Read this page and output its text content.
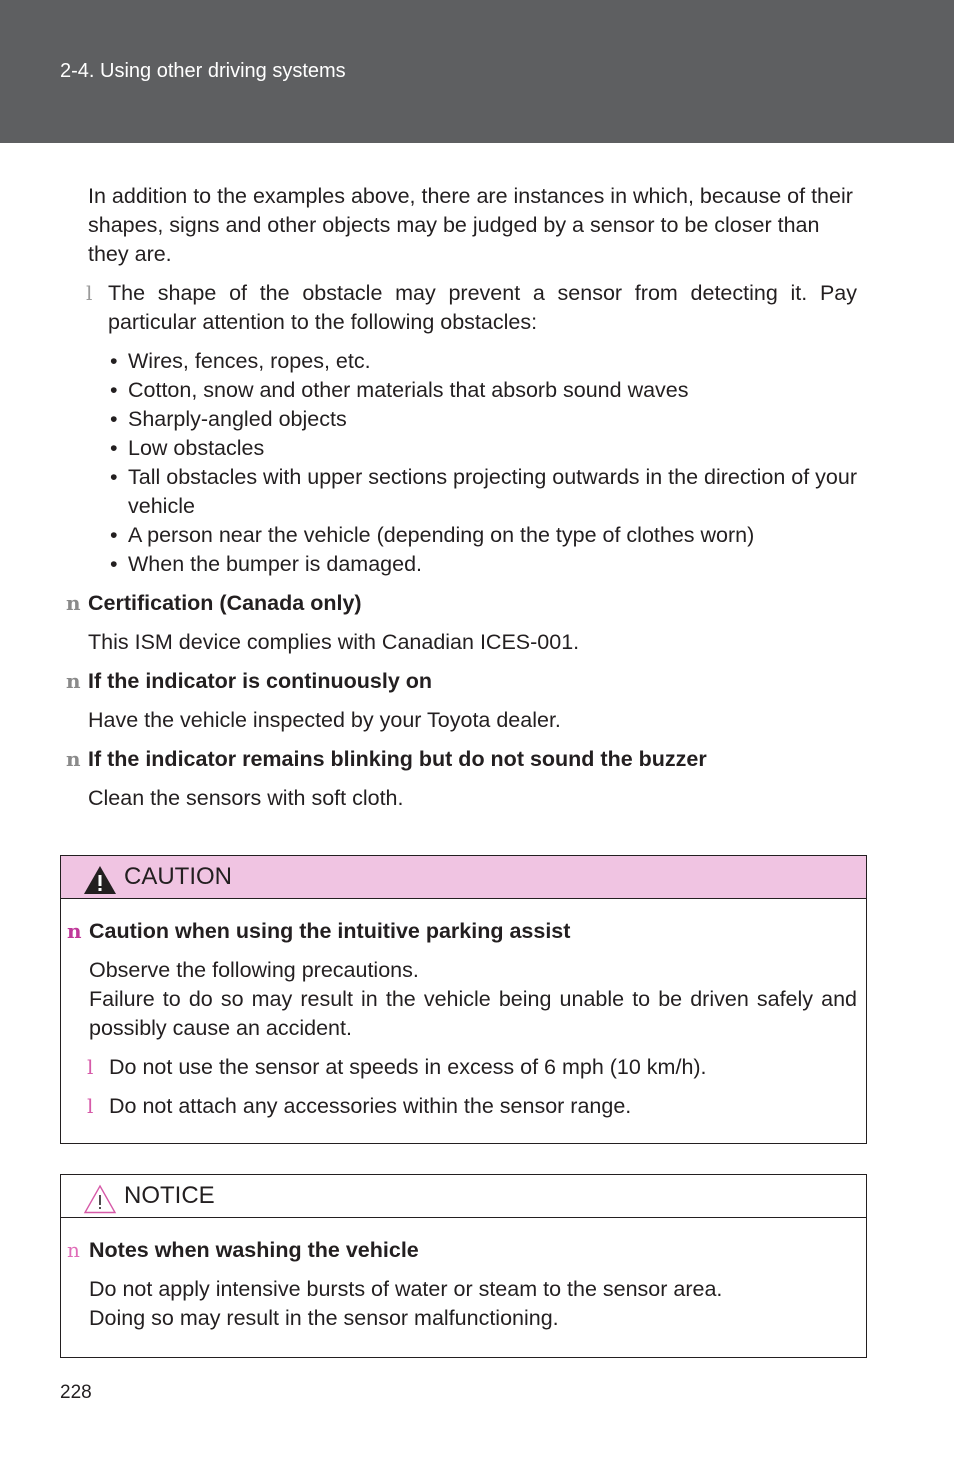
2-4. Using other driving systems

In addition to the examples above, there are instances in which, because of their shapes, signs and other objects may be judged by a sensor to be closer than they are.

l The shape of the obstacle may prevent a sensor from detecting it. Pay particular attention to the following obstacles:
• Wires, fences, ropes, etc.
• Cotton, snow and other materials that absorb sound waves
• Sharply-angled objects
• Low obstacles
• Tall obstacles with upper sections projecting outwards in the direction of your vehicle
• A person near the vehicle (depending on the type of clothes worn)
• When the bumper is damaged.
n Certification (Canada only)

This ISM device complies with Canadian ICES-001.

n If the indicator is continuously on

Have the vehicle inspected by your Toyota dealer.

n If the indicator remains blinking but do not sound the buzzer

Clean the sensors with soft cloth.

CAUTION
n Caution when using the intuitive parking assist

Observe the following precautions.

Failure to do so may result in the vehicle being unable to be driven safely and possibly cause an accident.

l Do not use the sensor at speeds in excess of 6 mph (10 km/h).
l Do not attach any accessories within the sensor range.
NOTICE
n Notes when washing the vehicle

Do not apply intensive bursts of water or steam to the sensor area.

Doing so may result in the sensor malfunctioning.

228
